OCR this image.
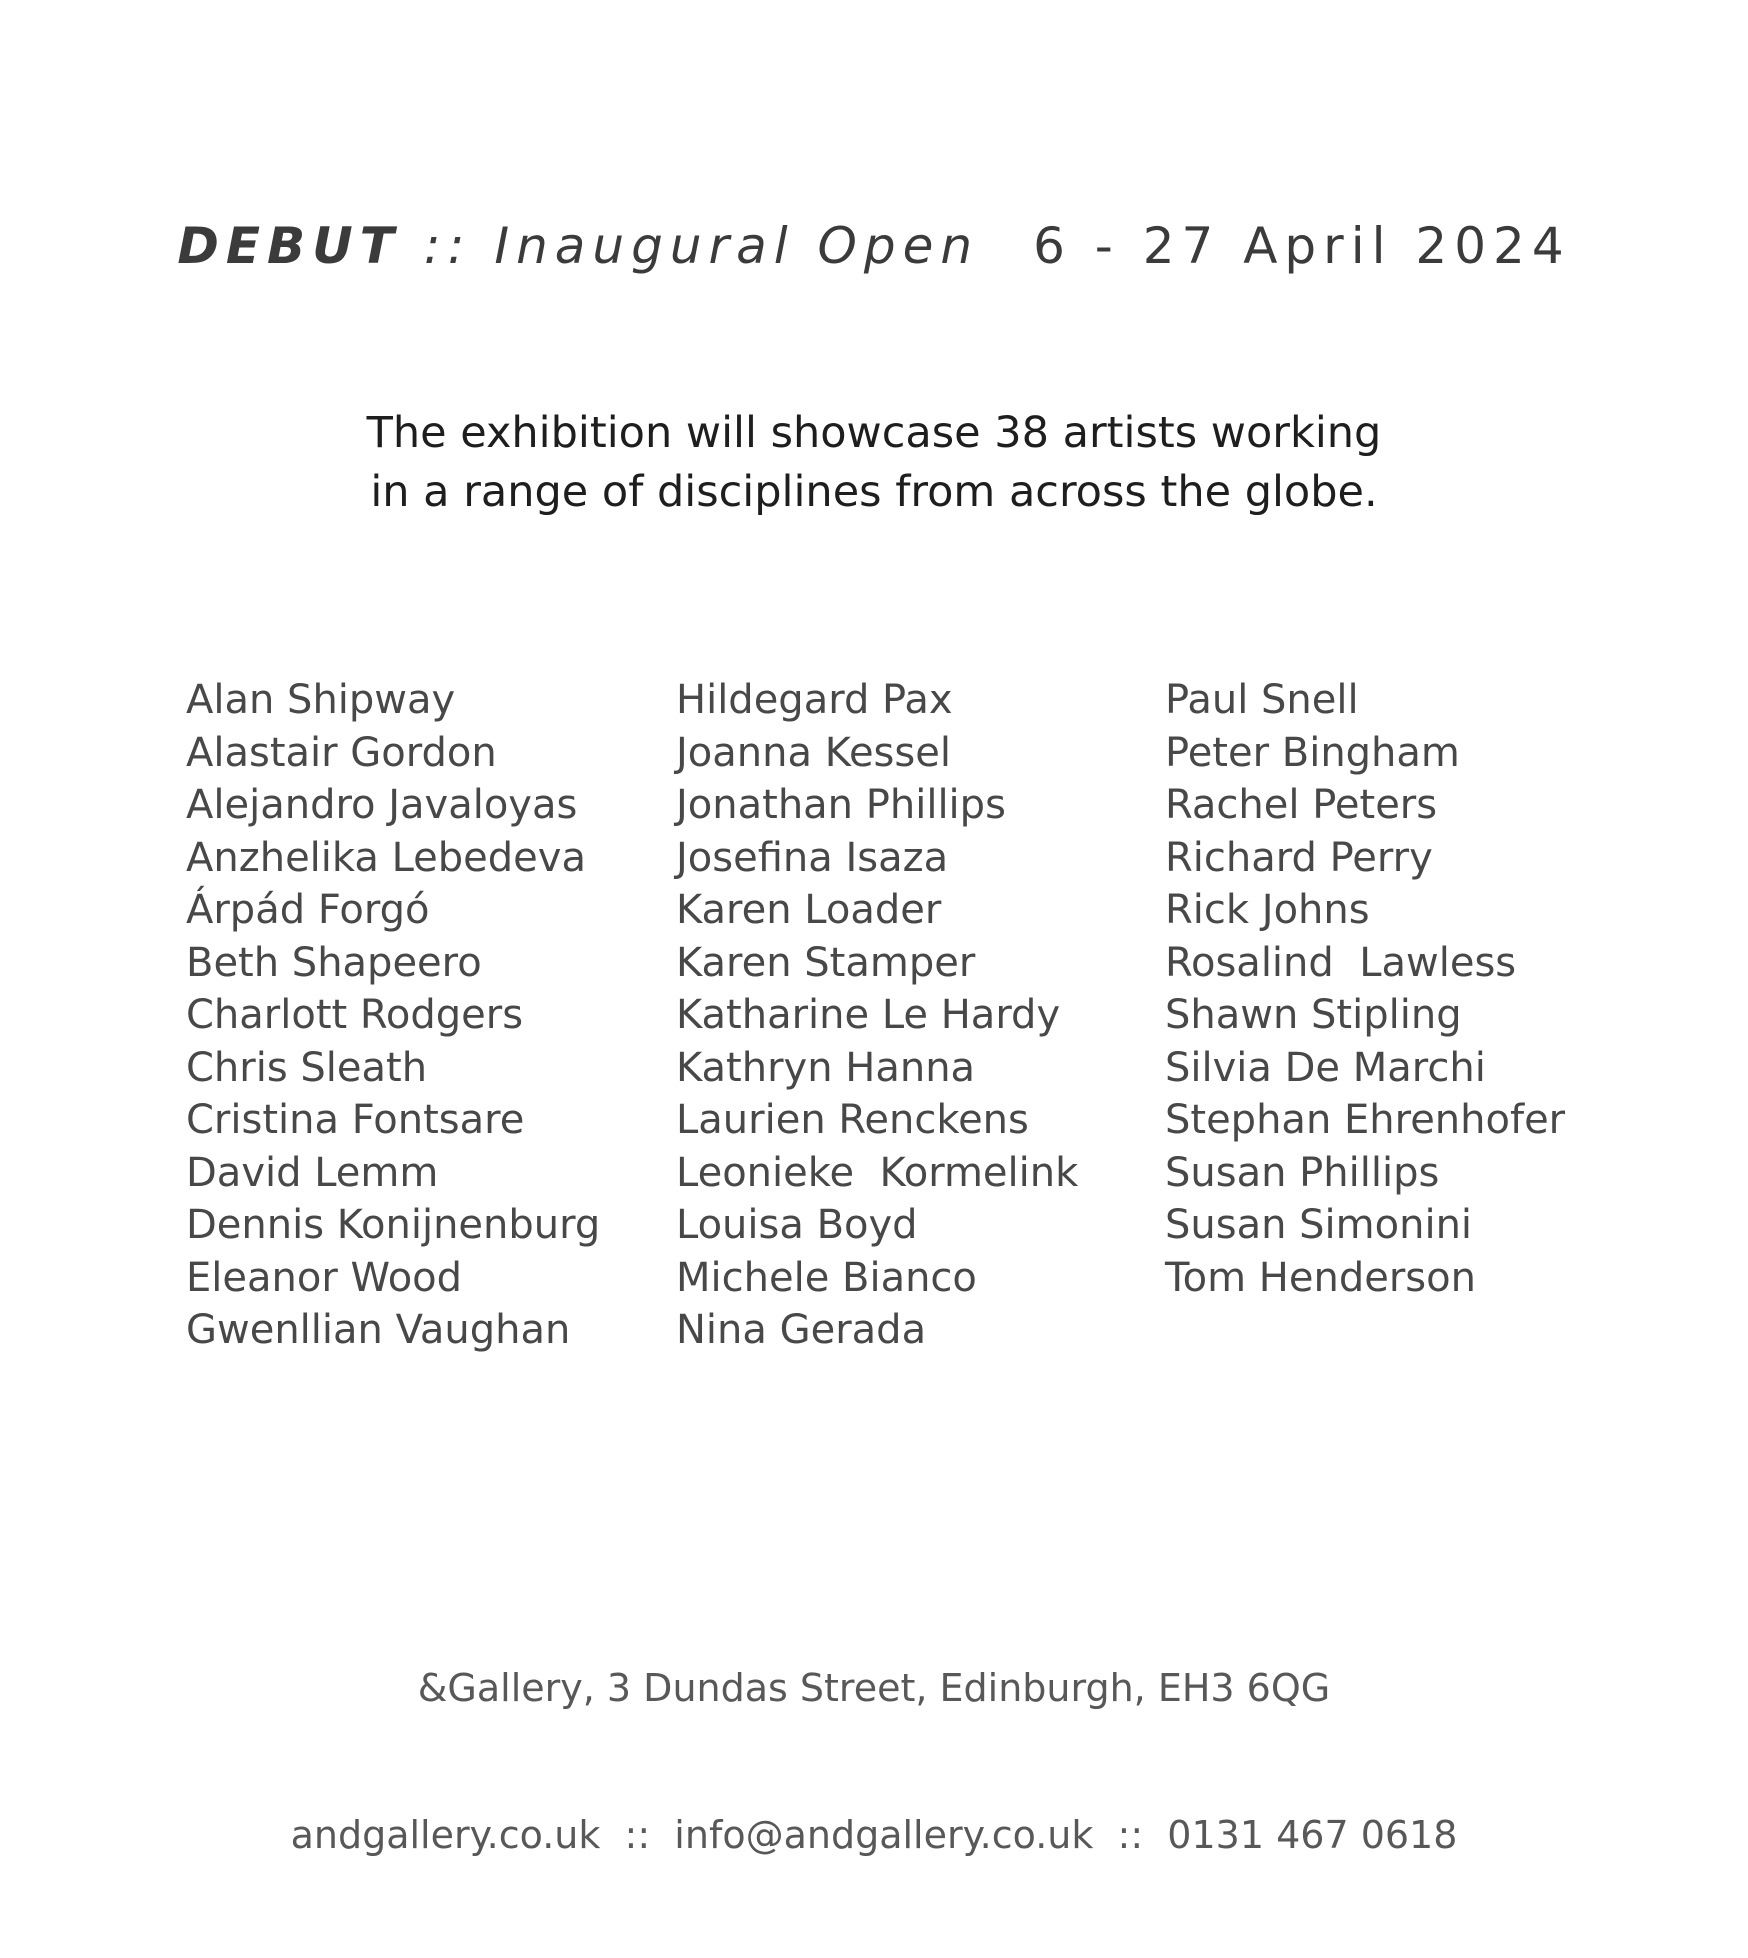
DEBUT :: Inaugural Open 6 - 27 April 2024
The exhibition will showcase 38 artists working
in a range of disciplines from across the globe.
Alan Shipway
Alastair Gordon
Alejandro Javaloyas
Anzhelika Lebedeva
Árpád Forgó
Beth Shapeero
Charlott Rodgers
Chris Sleath
Cristina Fontsare
David Lemm
Dennis Konijnenburg
Eleanor Wood
Gwenllian Vaughan
Hildegard Pax
Joanna Kessel
Jonathan Phillips
Josefina Isaza
Karen Loader
Karen Stamper
Katharine Le Hardy
Kathryn Hanna
Laurien Renckens
Leonieke  Kormelink
Louisa Boyd
Michele Bianco
Nina Gerada
Paul Snell
Peter Bingham
Rachel Peters
Richard Perry
Rick Johns
Rosalind  Lawless
Shawn Stipling
Silvia De Marchi
Stephan Ehrenhofer
Susan Phillips
Susan Simonini
Tom Henderson

&Gallery, 3 Dundas Street, Edinburgh, EH3 6QG

andgallery.co.uk  ::  info@andgallery.co.uk  ::  0131 467 0618
